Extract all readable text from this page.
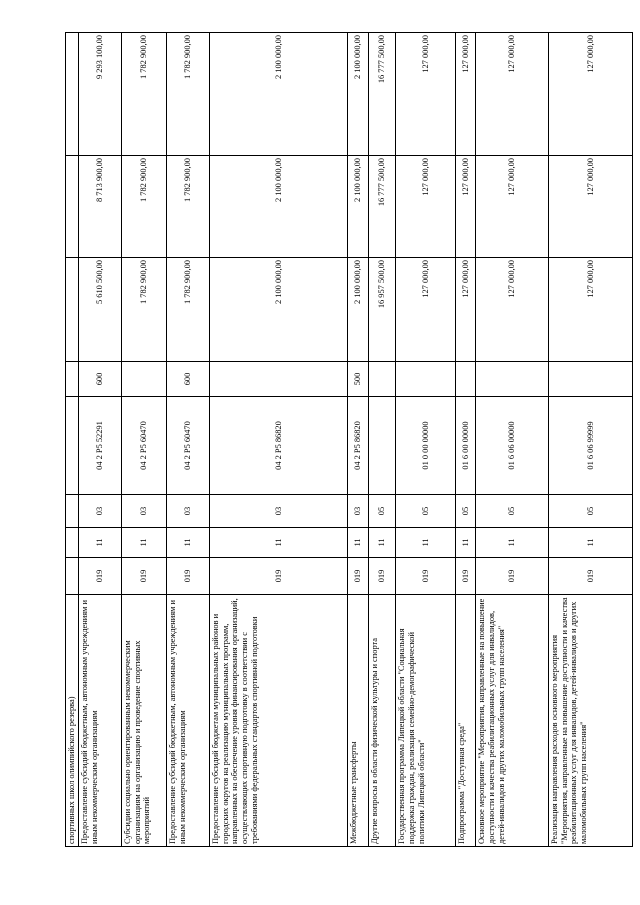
спортивных школ олимпийского резерва)								
Предоставление субсидий бюджетным, автономным учреждениям и иным некоммерческим организациям	019	11	03	04 2 P5 52291	600	5 610 500,00	8 713 900,00	9 293 100,00
Субсидии социально ориентированным некоммерческим организациям на организацию и проведение спортивных мероприятий	019	11	03	04 2 P5 60470		1 782 900,00	1 782 900,00	1 782 900,00
Предоставление субсидий бюджетным, автономным учреждениям и иным некоммерческим организациям	019	11	03	04 2 P5 60470	600	1 782 900,00	1 782 900,00	1 782 900,00
Предоставление субсидий бюджетам муниципальных районов и городских округов на реализацию муниципальных программ, направленных на обеспечение уровня финансирования организаций, осуществляющих спортивную подготовку в соответствии с требованиями федеральных стандартов спортивной подготовки	019	11	03	04 2 P5 86820		2 100 000,00	2 100 000,00	2 100 000,00
Межбюджетные трансферты	019	11	03	04 2 P5 86820	500	2 100 000,00	2 100 000,00	2 100 000,00
Другие вопросы в области физической культуры и спорта	019	11	05			16 957 500,00	16 777 500,00	16 777 500,00
Государственная программа Липецкой области "Социальная поддержка граждан, реализация семейно-демографической политики Липецкой области"	019	11	05	01 0 00 00000		127 000,00	127 000,00	127 000,00
Подпрограмма "Доступная среда"	019	11	05	01 6 00 00000		127 000,00	127 000,00	127 000,00
Основное мероприятие "Мероприятия, направленные на повышение доступности и качества реабилитационных услуг для инвалидов, детей-инвалидов и других маломобильных групп населения"	019	11	05	01 6 06 00000		127 000,00	127 000,00	127 000,00
Реализация направления расходов основного мероприятия "Мероприятия, направленные на повышение доступности и качества реабилитационных услуг для инвалидов, детей-инвалидов и других маломобильных групп населения"	019	11	05	01 6 06 99999		127 000,00	127 000,00	127 000,00
